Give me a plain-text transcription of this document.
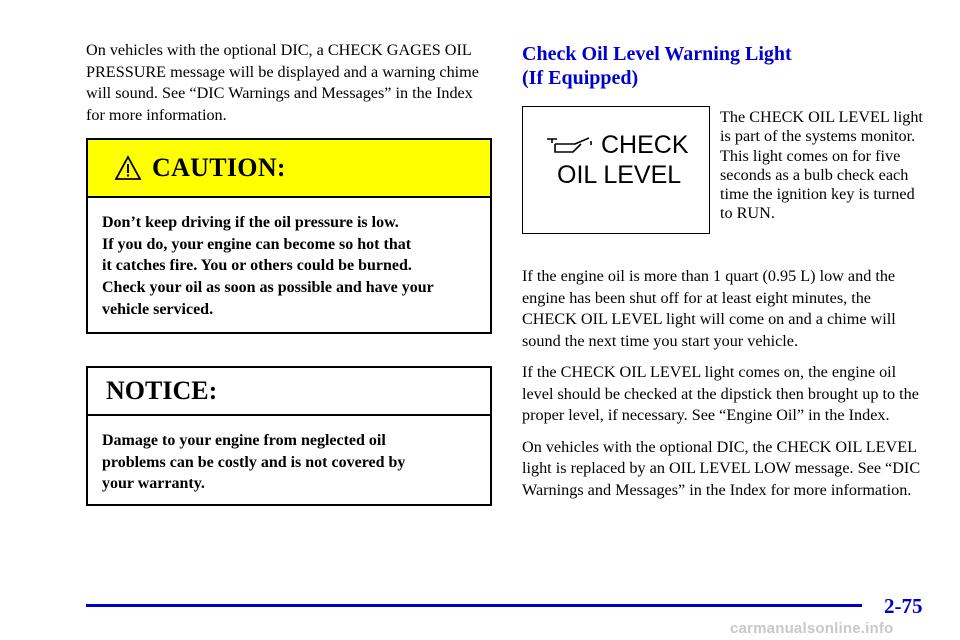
On vehicles with the optional DIC, a CHECK GAGES OIL PRESSURE message will be displayed and a warning chime will sound. See “DIC Warnings and Messages” in the Index for more information.

CAUTION:
Don’t keep driving if the oil pressure is low.
If you do, your engine can become so hot that
it catches fire. You or others could be burned.
Check your oil as soon as possible and have your
vehicle serviced.
NOTICE:
Damage to your engine from neglected oil
problems can be costly and is not covered by
your warranty.
Check Oil Level Warning Light
(If Equipped)
CHECK
OIL LEVEL

The CHECK OIL LEVEL light is part of the systems monitor. This light comes on for five seconds as a bulb check each time the ignition key is turned to RUN.

If the engine oil is more than 1 quart (0.95 L) low and the engine has been shut off for at least eight minutes, the CHECK OIL LEVEL light will come on and a chime will sound the next time you start your vehicle.

If the CHECK OIL LEVEL light comes on, the engine oil level should be checked at the dipstick then brought up to the proper level, if necessary. See “Engine Oil” in the Index.

On vehicles with the optional DIC, the CHECK OIL LEVEL light is replaced by an OIL LEVEL LOW message. See “DIC Warnings and Messages” in the Index for more information.

2-75
carmanualsonline.info
